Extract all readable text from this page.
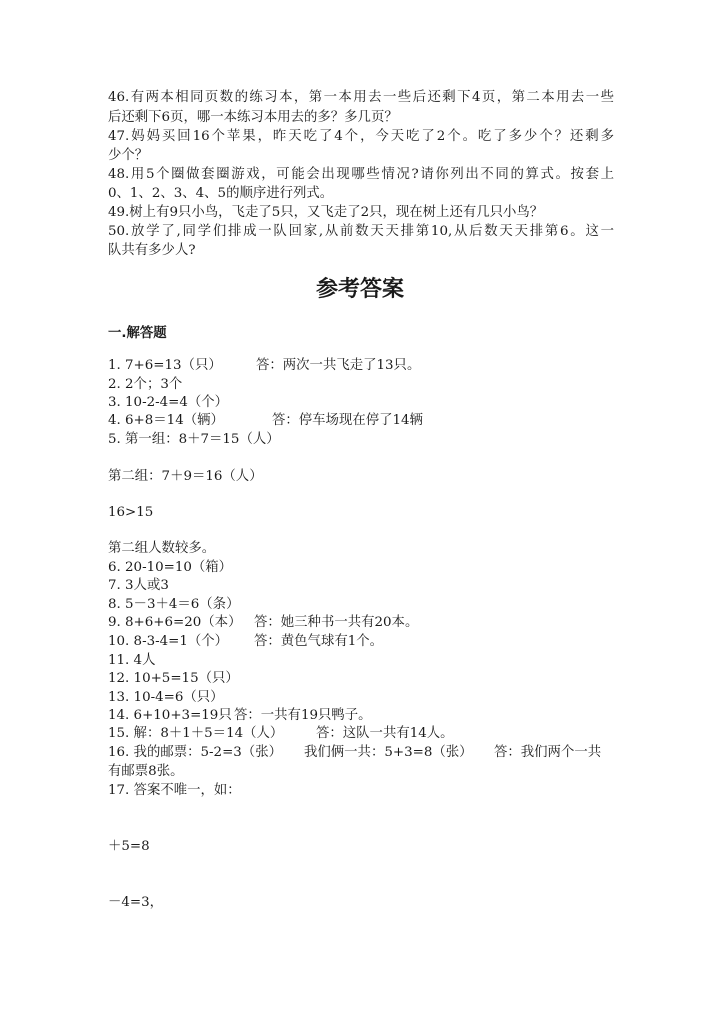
46.有两本相同页数的练习本，第一本用去一些后还剩下4页，第二本用去一些
后还剩下6页，哪一本练习本用去的多？多几页？
47.妈妈买回16个苹果，昨天吃了4个，今天吃了2个。吃了多少个？还剩多
少个？
48.用5个圈做套圈游戏，可能会出现哪些情况?请你列出不同的算式。按套上
0、1、2、3、4、5的顺序进行列式。
49.树上有9只小鸟，飞走了5只，又飞走了2只，现在树上还有几只小鸟？
50.放学了,同学们排成一队回家,从前数天天排第10,从后数天天排第6。这一
队共有多少人?
参考答案
一.解答题
1. 7+6=13（只）	答：两次一共飞走了13只。
2. 2个；3个
3. 10-2-4=4（个）
4. 6+8＝14（辆）	答：停车场现在停了14辆
5. 第一组：8＋7＝15（人）
第二组：7＋9＝16（人）
16>15
第二组人数较多。
6. 20-10=10（箱）
7. 3人或3
8. 5－3＋4＝6（条）
9. 8+6+6=20（本） 答：她三种书一共有20本。
10. 8-3-4=1（个） 答：黄色气球有1个。
11. 4人
12. 10+5=15（只）
13. 10-4=6（只）
14. 6+10+3=19只 答：一共有19只鸭子。
15. 解：8＋1＋5＝14（人） 答：这队一共有14人。
16. 我的邮票：5-2=3（张） 我们俩一共：5+3=8（张） 答：我们两个一共
有邮票8张。
17. 答案不唯一，如：
＋5=8
－4=3，
